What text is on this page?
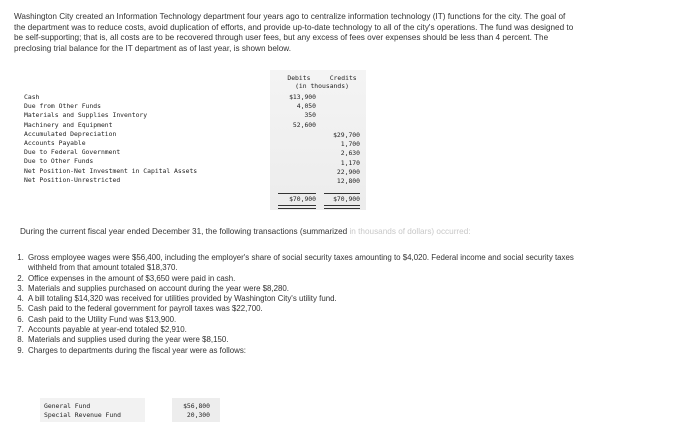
Washington City created an Information Technology department four years ago to centralize information technology (IT) functions for the city. The goal of the department was to reduce costs, avoid duplication of efforts, and provide up-to-date technology to all of the city's operations. The fund was designed to be self-supporting; that is, all costs are to be recovered through user fees, but any excess of fees over expenses should be less than 4 percent. The preclosing trial balance for the IT department as of last year, is shown below.
Debits	Credits
(in thousands)
Cash
Due from Other Funds
Materials and Supplies Inventory
Machinery and Equipment
Accumulated Depreciation
Accounts Payable
Due to Federal Government
Due to Other Funds
Net Position-Net Investment in Capital Assets
Net Position-Unrestricted
$13,900
4,050
350
52,600
$29,700
1,700
2,630
1,170
22,900
12,800
$70,900	$70,900
During the current fiscal year ended December 31, the following transactions (summarized in thousands of dollars) occurred:
1. Gross employee wages were $56,400, including the employer's share of social security taxes amounting to $4,020. Federal income and social security taxes withheld from that amount totaled $18,370.
2. Office expenses in the amount of $3,650 were paid in cash.
3. Materials and supplies purchased on account during the year were $8,280.
4. A bill totaling $14,320 was received for utilities provided by Washington City's utility fund.
5. Cash paid to the federal government for payroll taxes was $22,700.
6. Cash paid to the Utility Fund was $13,900.
7. Accounts payable at year-end totaled $2,910.
8. Materials and supplies used during the year were $8,150.
9. Charges to departments during the fiscal year were as follows:
General Fund
Special Revenue Fund
$56,800
20,300
